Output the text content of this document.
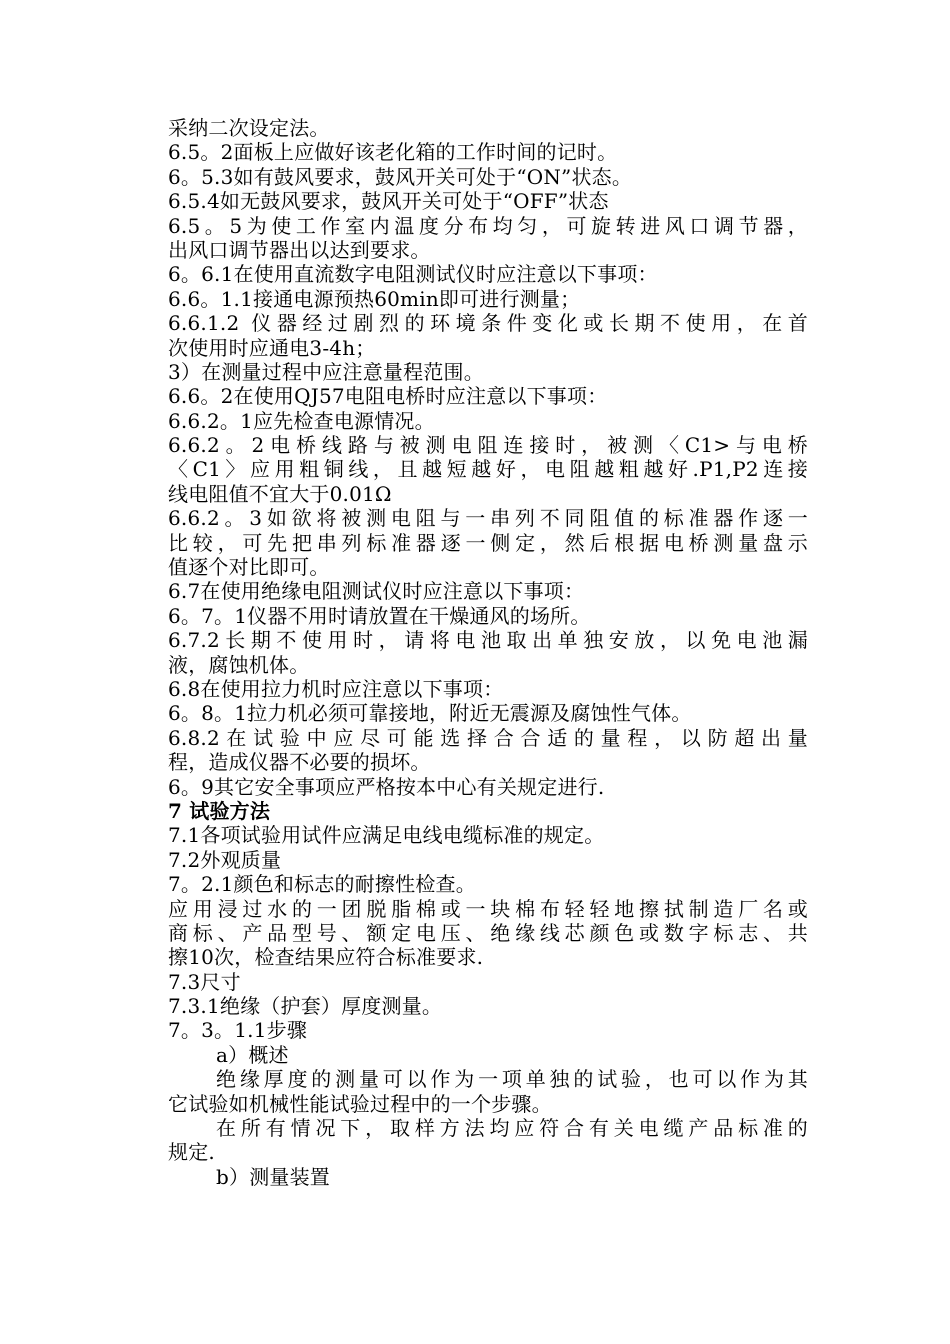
采纳二次设定法。
6.5。2面板上应做好该老化箱的工作时间的记时。
6。5.3如有鼓风要求，鼓风开关可处于“ON”状态。
6.5.4如无鼓风要求，鼓风开关可处于“OFF”状态
6.5。5为使工作室内温度分布均匀，可旋转进风口调节器，
出风口调节器出以达到要求。
6。6.1在使用直流数字电阻测试仪时应注意以下事项：
6.6。1.1接通电源预热60min即可进行测量；
6.6.1.2 仪器经过剧烈的环境条件变化或长期不使用，在首
次使用时应通电3-4h；
3）在测量过程中应注意量程范围。
6.6。2在使用QJ57电阻电桥时应注意以下事项：
6.6.2。1应先检查电源情况。
6.6.2。2电桥线路与被测电阻连接时，被测〈C1>与电桥
〈C1〉应用粗铜线，且越短越好，电阻越粗越好.P1,P2连接
线电阻值不宜大于0.01Ω
6.6.2。3如欲将被测电阻与一串列不同阻值的标准器作逐一
比较，可先把串列标准器逐一侧定，然后根据电桥测量盘示
值逐个对比即可。
6.7在使用绝缘电阻测试仪时应注意以下事项：
6。7。1仪器不用时请放置在干燥通风的场所。
6.7.2长期不使用时，请将电池取出单独安放，以免电池漏
液，腐蚀机体。
6.8在使用拉力机时应注意以下事项：
6。8。1拉力机必须可靠接地，附近无震源及腐蚀性气体。
6.8.2在试验中应尽可能选择合合适的量程，以防超出量
程，造成仪器不必要的损坏。
6。9其它安全事项应严格按本中心有关规定进行.
7 试验方法
7.1各项试验用试件应满足电线电缆标准的规定。
7.2外观质量
7。2.1颜色和标志的耐擦性检查。
应用浸过水的一团脱脂棉或一块棉布轻轻地擦拭制造厂名或
商标、产品型号、额定电压、绝缘线芯颜色或数字标志、共
擦10次，检查结果应符合标准要求.
7.3尺寸
7.3.1绝缘（护套）厚度测量。
7。3。1.1步骤
a）概述
绝缘厚度的测量可以作为一项单独的试验，也可以作为其
它试验如机械性能试验过程中的一个步骤。
在所有情况下，取样方法均应符合有关电缆产品标准的
规定.
b）测量装置
